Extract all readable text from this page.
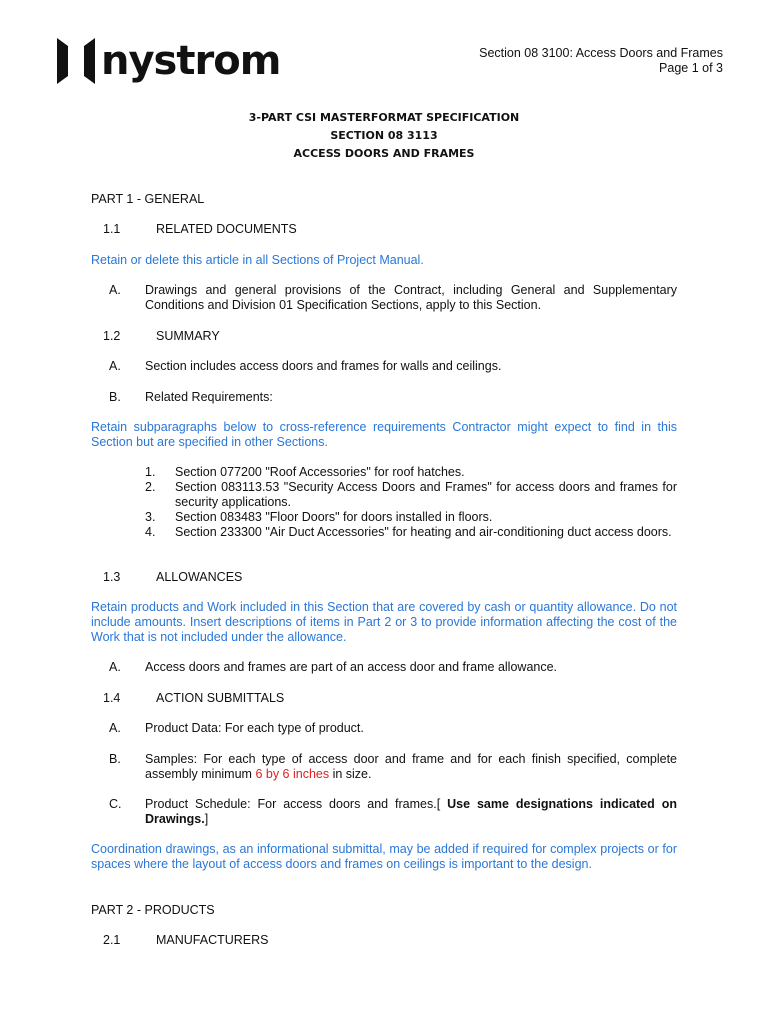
nystrom	Section 08 3100: Access Doors and Frames
Page 1 of 3
3-PART CSI MASTERFORMAT SPECIFICATION
SECTION 08 3113
ACCESS DOORS AND FRAMES
PART 1 - GENERAL
1.1	RELATED DOCUMENTS
Retain or delete this article in all Sections of Project Manual.
A. Drawings and general provisions of the Contract, including General and Supplementary Conditions and Division 01 Specification Sections, apply to this Section.
1.2	SUMMARY
A. Section includes access doors and frames for walls and ceilings.
B. Related Requirements:
Retain subparagraphs below to cross-reference requirements Contractor might expect to find in this Section but are specified in other Sections.
1.	Section 077200 "Roof Accessories" for roof hatches.
2.	Section 083113.53 "Security Access Doors and Frames" for access doors and frames for security applications.
3.	Section 083483 "Floor Doors" for doors installed in floors.
4.	Section 233300 "Air Duct Accessories" for heating and air-conditioning duct access doors.
1.3	ALLOWANCES
Retain products and Work included in this Section that are covered by cash or quantity allowance. Do not include amounts. Insert descriptions of items in Part 2 or 3 to provide information affecting the cost of the Work that is not included under the allowance.
A. Access doors and frames are part of an access door and frame allowance.
1.4	ACTION SUBMITTALS
A. Product Data: For each type of product.
B. Samples: For each type of access door and frame and for each finish specified, complete assembly minimum 6 by 6 inches in size.
C. Product Schedule: For access doors and frames.[ Use same designations indicated on Drawings.]
Coordination drawings, as an informational submittal, may be added if required for complex projects or for spaces where the layout of access doors and frames on ceilings is important to the design.
PART 2 - PRODUCTS
2.1	MANUFACTURERS
